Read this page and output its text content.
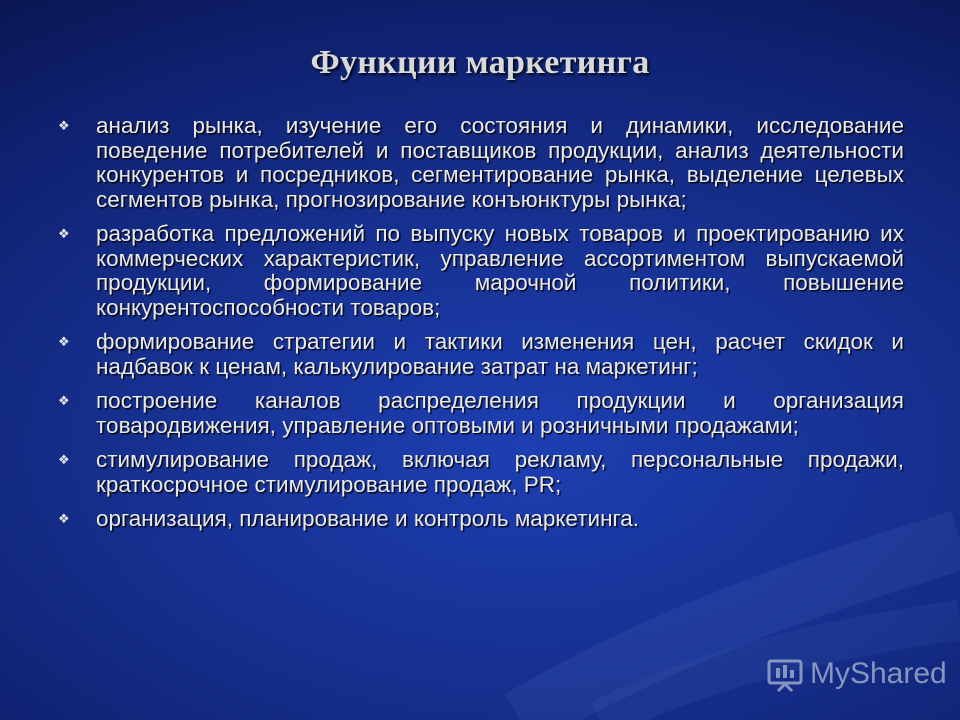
Функции маркетинга
❖ анализ рынка, изучение его состояния и динамики, исследование поведение потребителей и поставщиков продукции, анализ деятельности конкурентов и посредников, сегментирование рынка, выделение целевых сегментов рынка, прогнозирование конъюнктуры рынка;
❖ разработка предложений по выпуску новых товаров и проектированию их коммерческих характеристик, управление ассортиментом выпускаемой продукции, формирование марочной политики, повышение конкурентоспособности товаров;
❖ формирование стратегии и тактики изменения цен, расчет скидок и надбавок к ценам, калькулирование затрат на маркетинг;
❖ построение каналов распределения продукции и организация товародвижения, управление оптовыми и розничными продажами;
❖ стимулирование продаж, включая рекламу, персональные продажи, краткосрочное стимулирование продаж, PR;
❖ организация, планирование и контроль маркетинга.
MyShared
